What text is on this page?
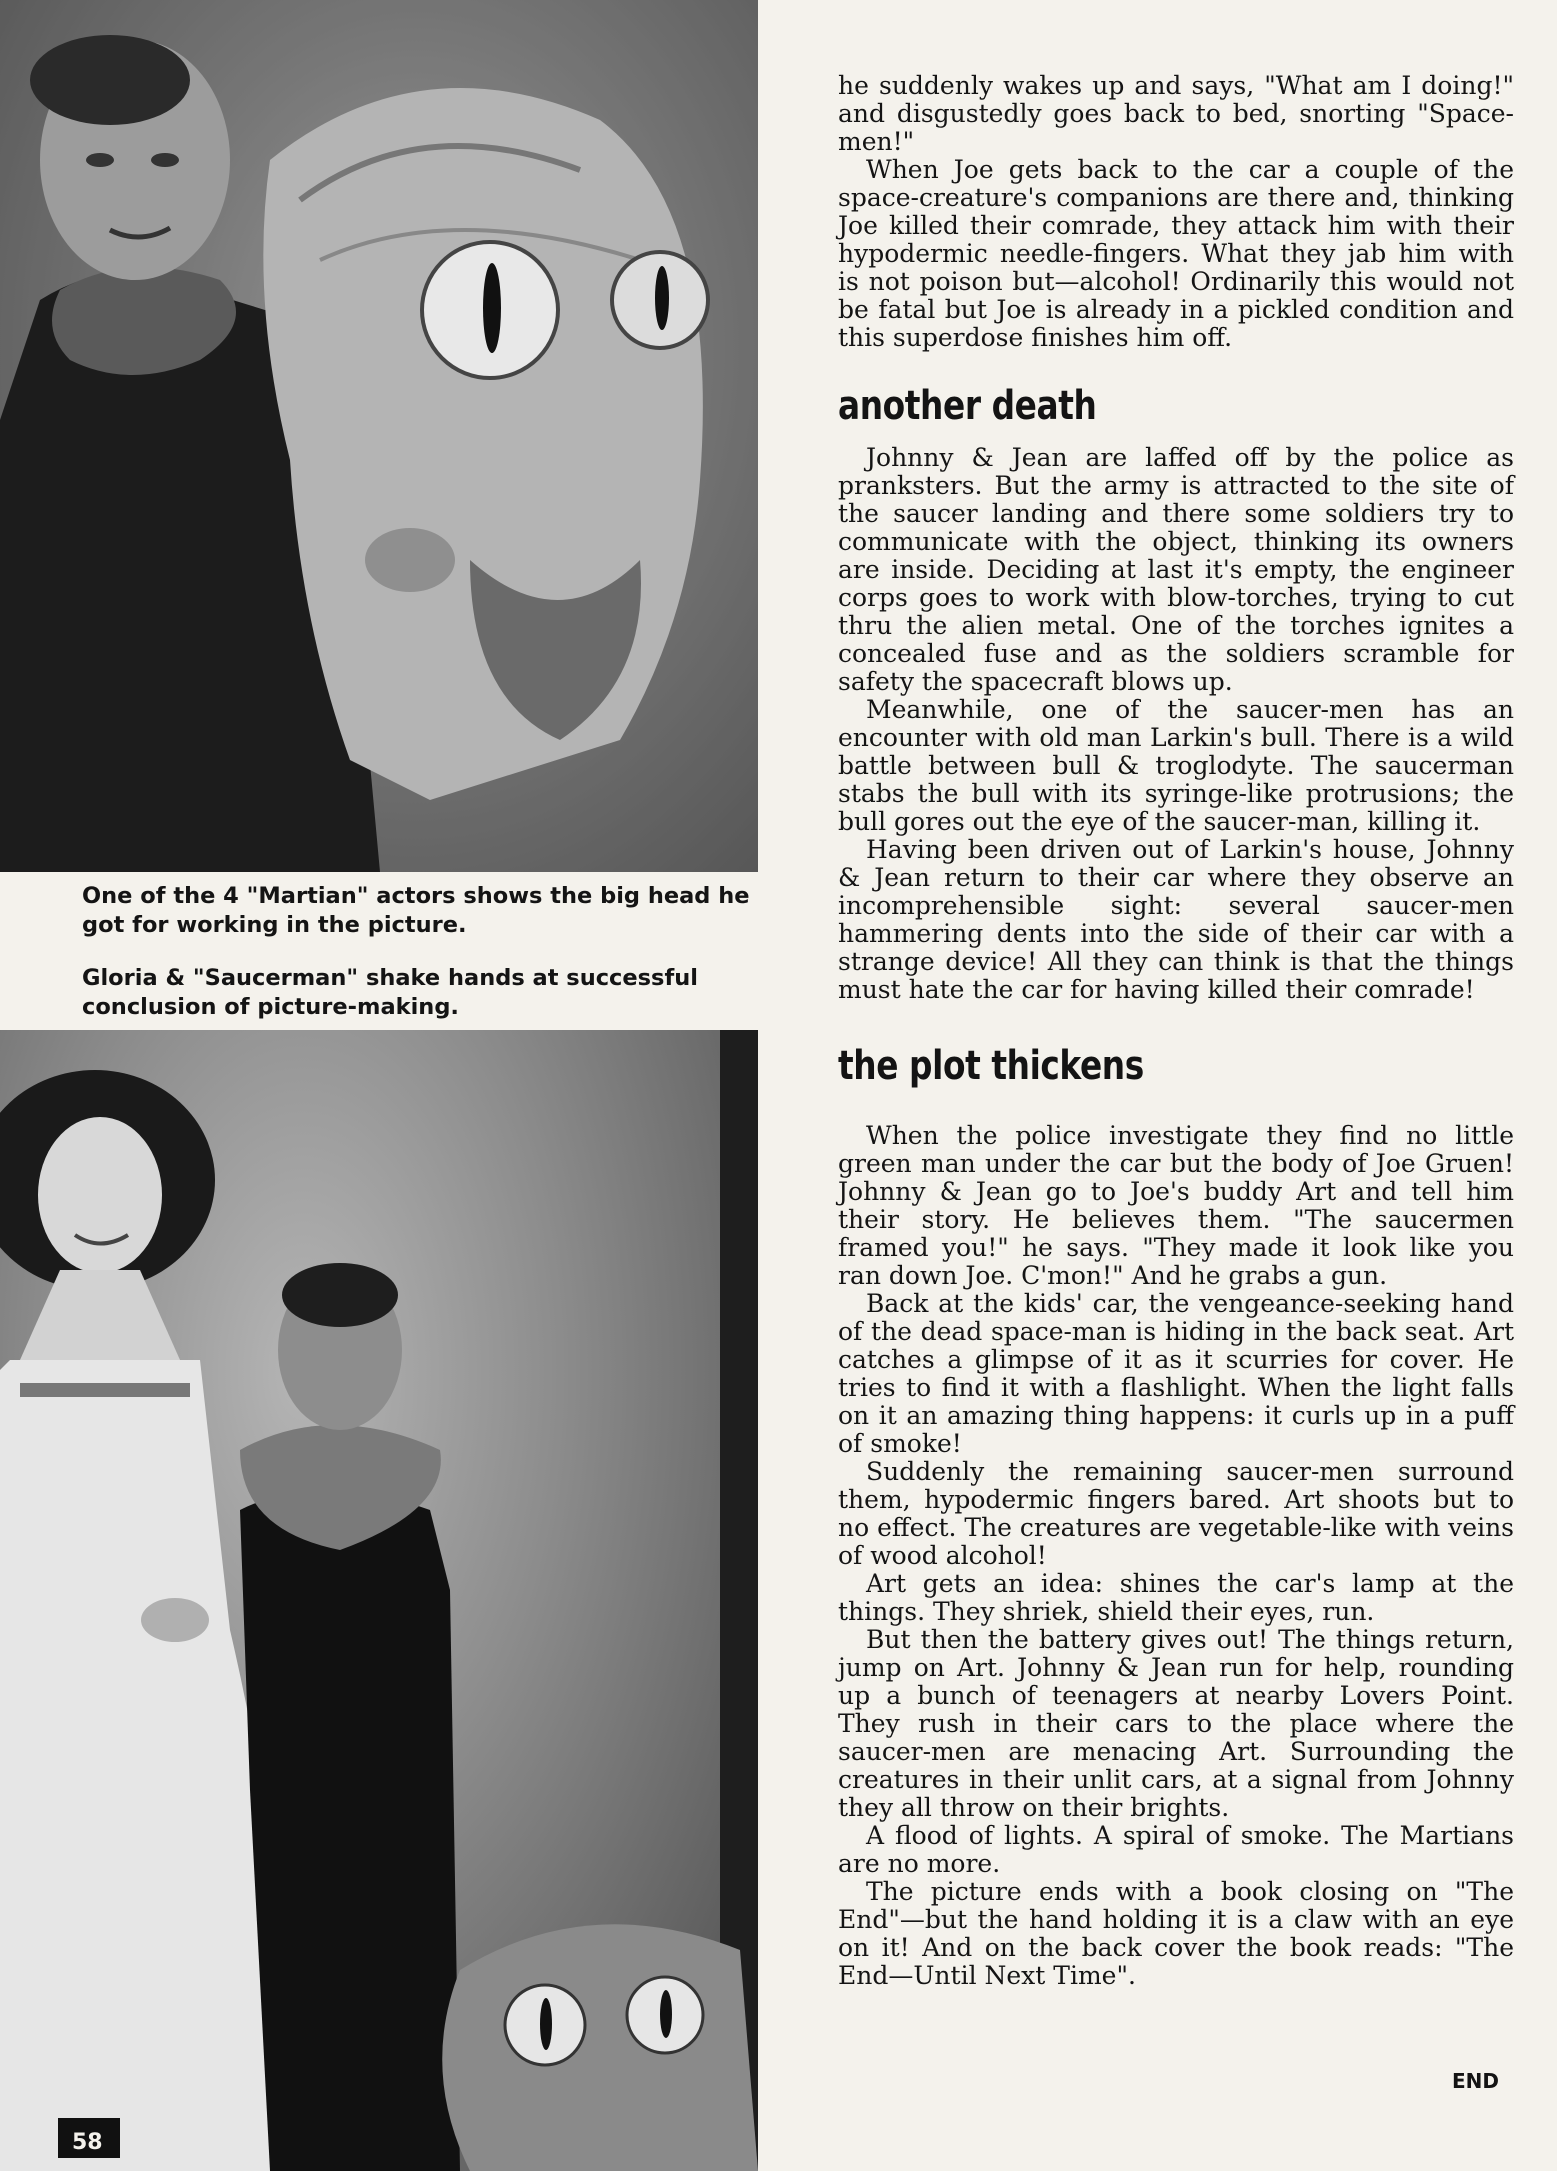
One of the 4 "Martian" actors shows the big head he got for working in the picture.

Gloria & "Saucerman" shake hands at successful conclusion of picture-making.

58

he suddenly wakes up and says, "What am I doing!" and disgustedly goes back to bed, snorting "Space-men!"

When Joe gets back to the car a couple of the space-creature's companions are there and, thinking Joe killed their comrade, they attack him with their hypodermic needle-fingers. What they jab him with is not poison but—alcohol! Ordinarily this would not be fatal but Joe is already in a pickled condition and this superdose finishes him off.

another death

Johnny & Jean are laffed off by the police as pranksters. But the army is attracted to the site of the saucer landing and there some soldiers try to communicate with the object, thinking its owners are inside. Deciding at last it's empty, the engineer corps goes to work with blow-torches, trying to cut thru the alien metal. One of the torches ignites a concealed fuse and as the soldiers scramble for safety the spacecraft blows up.

Meanwhile, one of the saucer-men has an encounter with old man Larkin's bull. There is a wild battle between bull & troglodyte. The saucerman stabs the bull with its syringe-like protrusions; the bull gores out the eye of the saucer-man, killing it.

Having been driven out of Larkin's house, Johnny & Jean return to their car where they observe an incomprehensible sight: several saucer-men hammering dents into the side of their car with a strange device! All they can think is that the things must hate the car for having killed their comrade!

the plot thickens

When the police investigate they find no little green man under the car but the body of Joe Gruen! Johnny & Jean go to Joe's buddy Art and tell him their story. He believes them. "The saucermen framed you!" he says. "They made it look like you ran down Joe. C'mon!" And he grabs a gun.

Back at the kids' car, the vengeance-seeking hand of the dead space-man is hiding in the back seat. Art catches a glimpse of it as it scurries for cover. He tries to find it with a flashlight. When the light falls on it an amazing thing happens: it curls up in a puff of smoke!

Suddenly the remaining saucer-men surround them, hypodermic fingers bared. Art shoots but to no effect. The creatures are vegetable-like with veins of wood alcohol!

Art gets an idea: shines the car's lamp at the things. They shriek, shield their eyes, run.

But then the battery gives out! The things return, jump on Art. Johnny & Jean run for help, rounding up a bunch of teenagers at nearby Lovers Point. They rush in their cars to the place where the saucer-men are menacing Art. Surrounding the creatures in their unlit cars, at a signal from Johnny they all throw on their brights.

A flood of lights. A spiral of smoke. The Martians are no more.

The picture ends with a book closing on "The End"—but the hand holding it is a claw with an eye on it! And on the back cover the book reads: "The End—Until Next Time".

END
